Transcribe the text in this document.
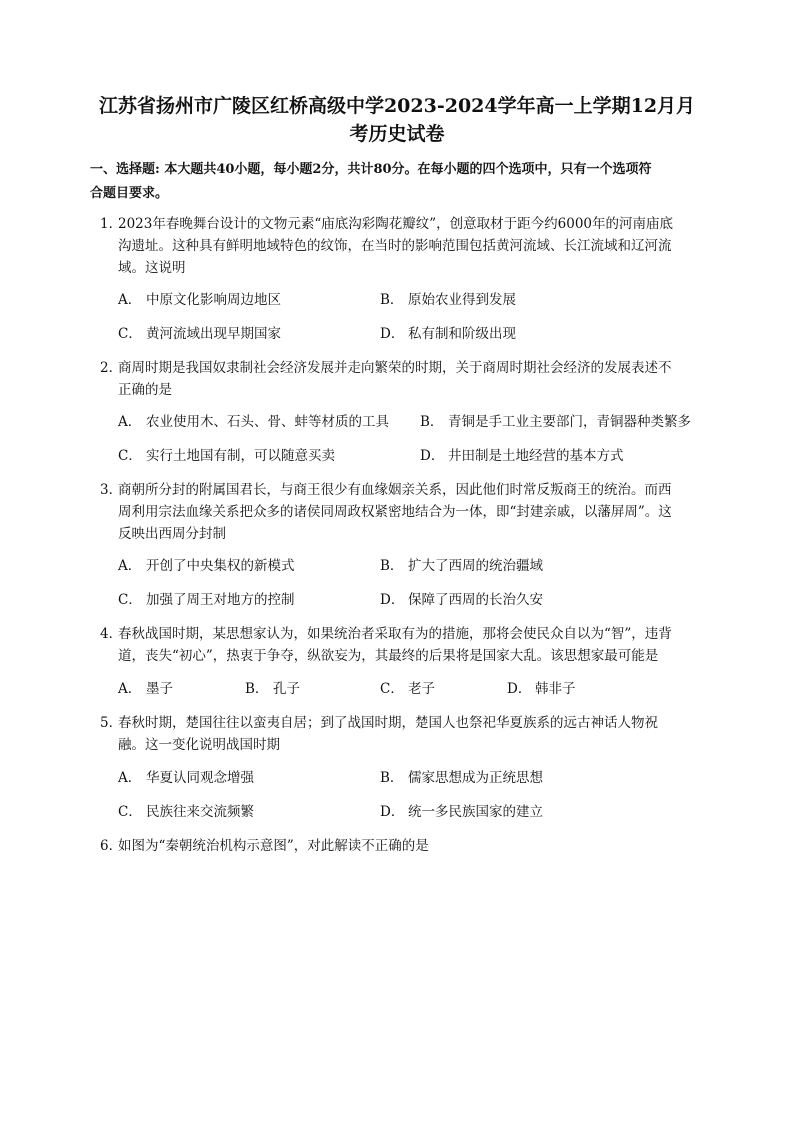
江苏省扬州市广陵区红桥高级中学2023-2024学年高一上学期12月月
考历史试卷
一、选择题: 本大题共40小题，每小题2分，共计80分。在每小题的四个选项中，只有一个选项符
合题目要求。
1．
2023年春晚舞台设计的文物元素“庙底沟彩陶花瓣纹”，创意取材于距今约6000年的河南庙底
沟遗址。这种具有鲜明地域特色的纹饰，在当时的影响范围包括黄河流域、长江流域和辽河流
域。这说明
A． 中原文化影响周边地区	B． 原始农业得到发展
C． 黄河流域出现早期国家	D． 私有制和阶级出现
2．
商周时期是我国奴隶制社会经济发展并走向繁荣的时期，关于商周时期社会经济的发展表述不
正确的是
A． 农业使用木、石头、骨、蚌等材质的工具 B． 青铜是手工业主要部门，青铜器种类繁多
C． 实行土地国有制，可以随意买卖	D． 井田制是土地经营的基本方式
3．
商朝所分封的附属国君长，与商王很少有血缘姻亲关系，因此他们时常反叛商王的统治。而西
周利用宗法血缘关系把众多的诸侯同周政权紧密地结合为一体，即“封建亲戚，以藩屏周”。这
反映出西周分封制
A． 开创了中央集权的新模式	B． 扩大了西周的统治疆域
C． 加强了周王对地方的控制	D． 保障了西周的长治久安
4．
春秋战国时期，某思想家认为，如果统治者采取有为的措施，那将会使民众自以为“智”，违背
道，丧失“初心”，热衷于争夺，纵欲妄为，其最终的后果将是国家大乱。该思想家最可能是
A． 墨子	B． 孔子	C． 老子	D． 韩非子
5．
春秋时期，楚国往往以蛮夷自居；到了战国时期，楚国人也祭祀华夏族系的远古神话人物祝
融。这一变化说明战国时期
A． 华夏认同观念增强	B． 儒家思想成为正统思想
C． 民族往来交流频繁	D． 统一多民族国家的建立
6．
如图为“秦朝统治机构示意图”，对此解读不正确的是
